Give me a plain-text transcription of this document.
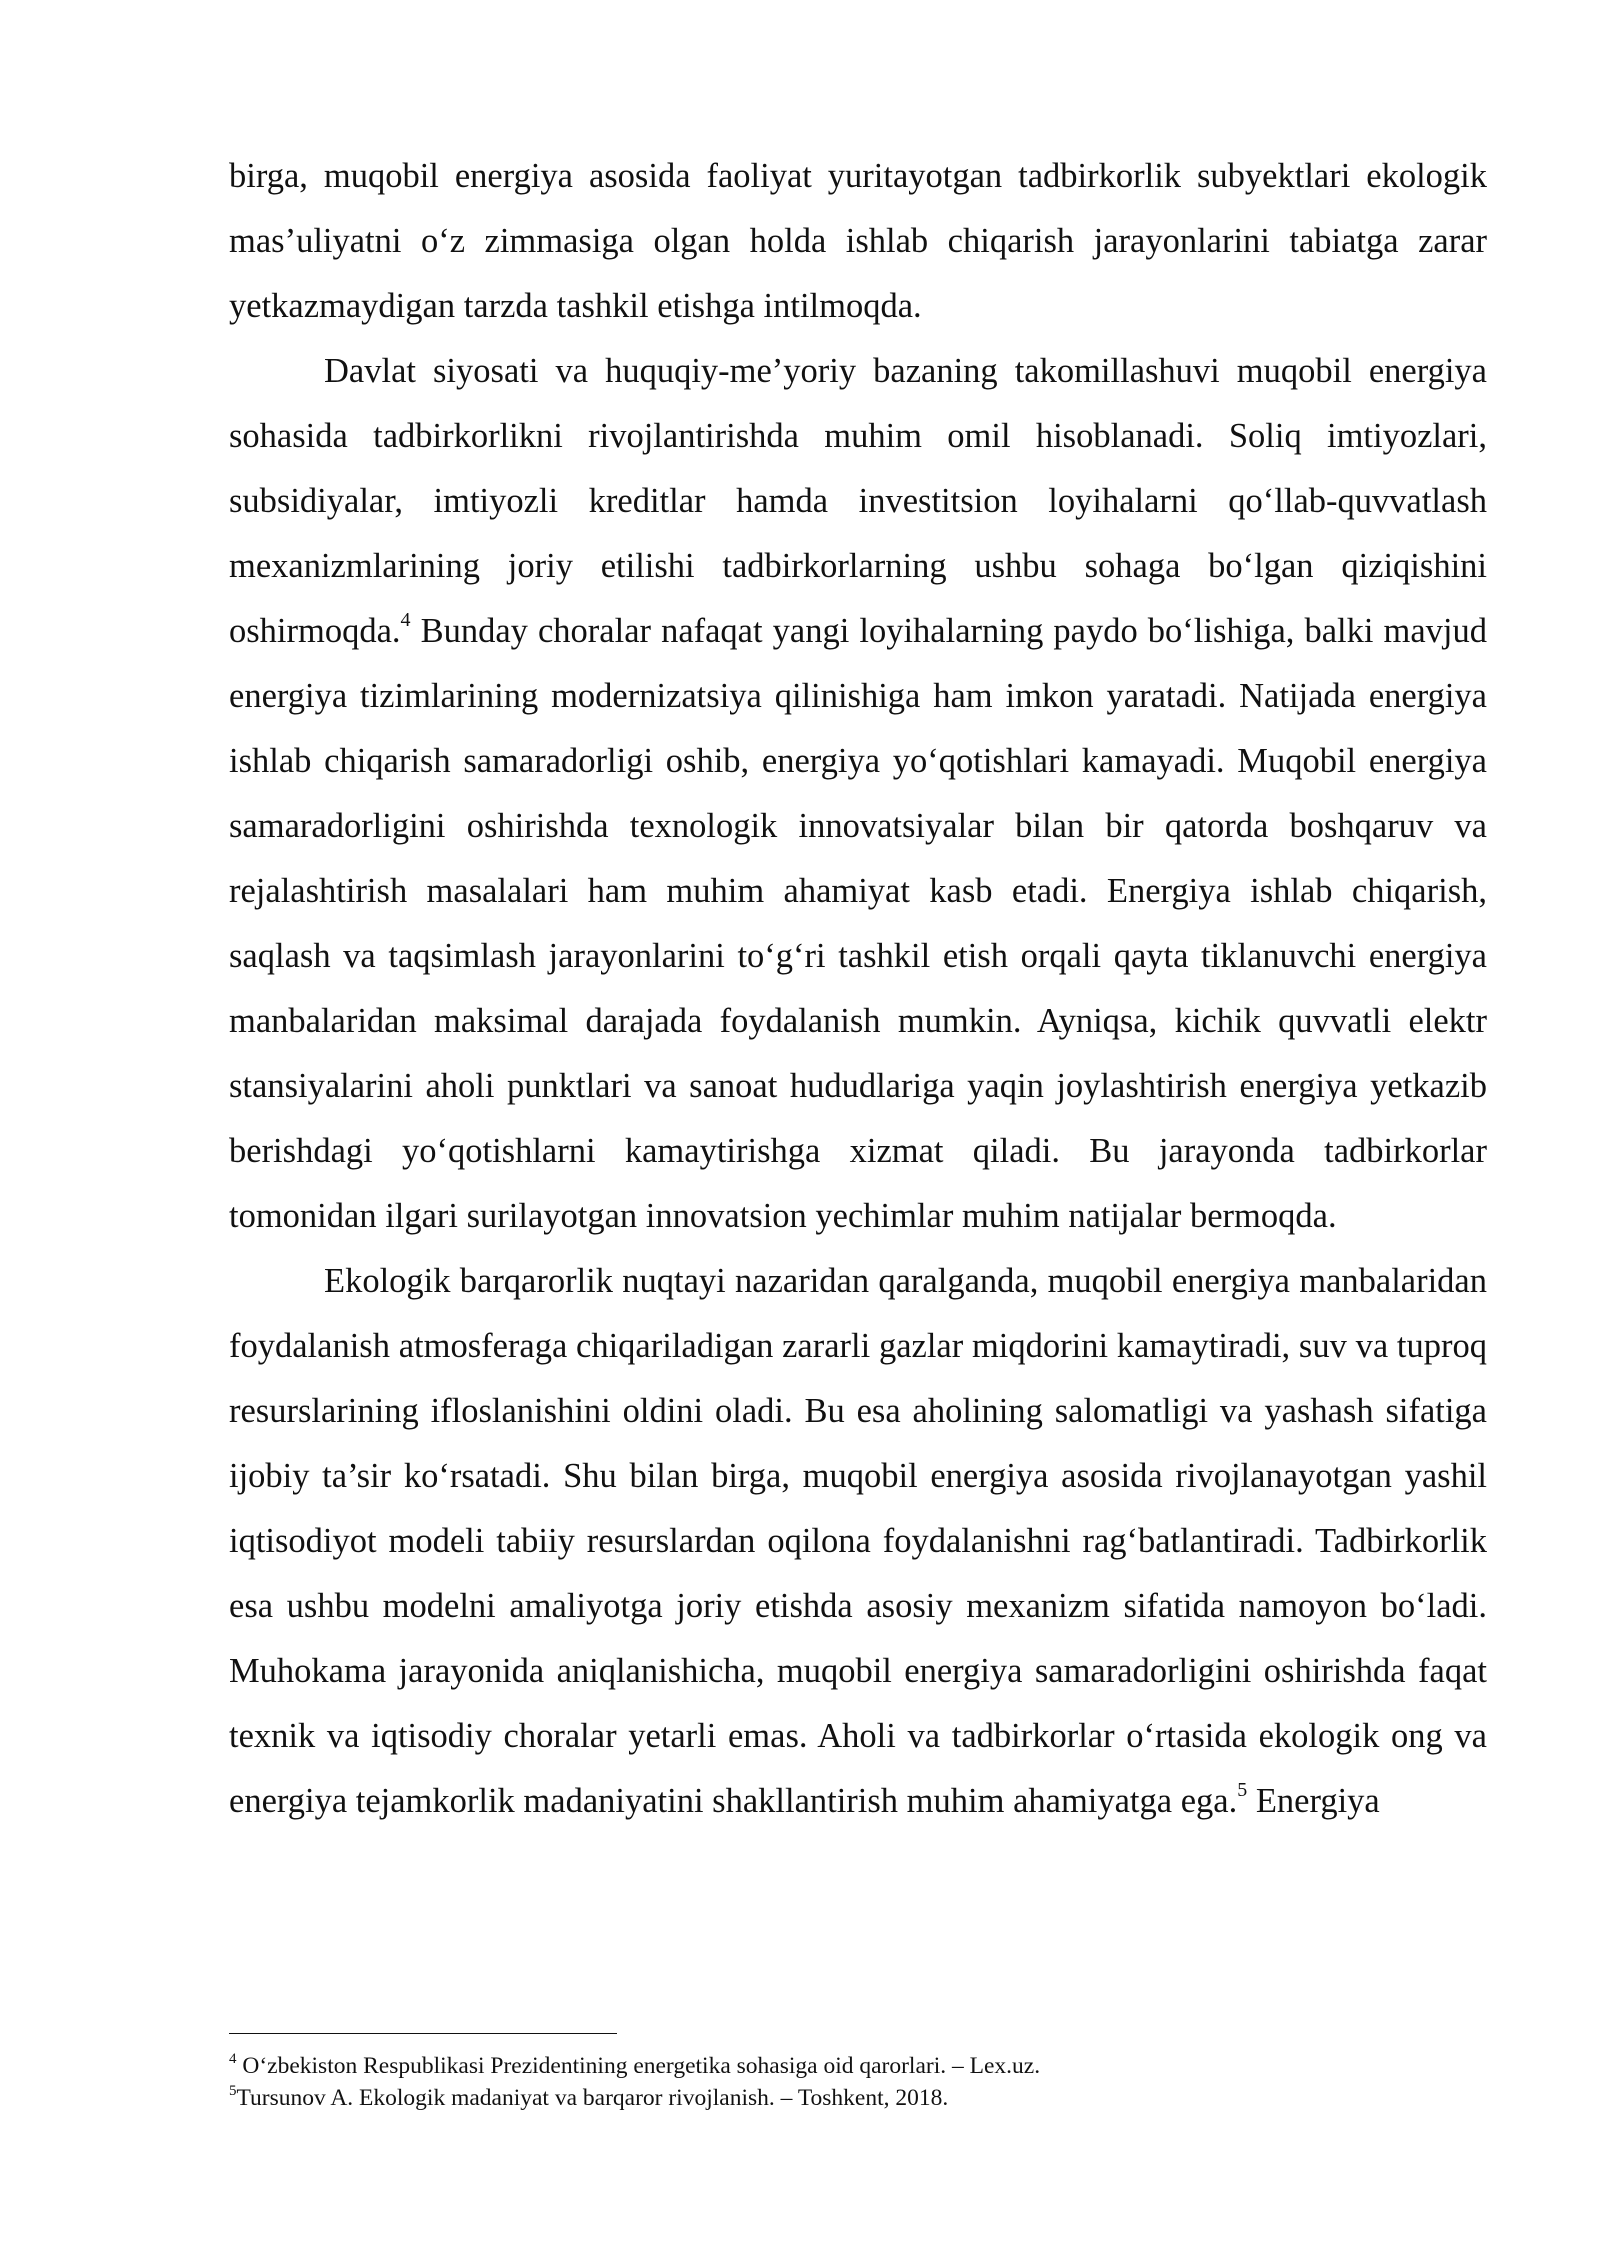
birga, muqobil energiya asosida faoliyat yuritayotgan tadbirkorlik subyektlari ekologik mas’uliyatni o‘z zimmasiga olgan holda ishlab chiqarish jarayonlarini tabiatga zarar yetkazmaydigan tarzda tashkil etishga intilmoqda.

Davlat siyosati va huquqiy-me’yoriy bazaning takomillashuvi muqobil energiya sohasida tadbirkorlikni rivojlantirishda muhim omil hisoblanadi. Soliq imtiyozlari, subsidiyalar, imtiyozli kreditlar hamda investitsion loyihalarni qo‘llab-quvvatlash mexanizmlarining joriy etilishi tadbirkorlarning ushbu sohaga bo‘lgan qiziqishini oshirmoqda.$^4$ Bunday choralar nafaqat yangi loyihalarning paydo bo‘lishiga, balki mavjud energiya tizimlarining modernizatsiya qilinishiga ham imkon yaratadi. Natijada energiya ishlab chiqarish samaradorligi oshib, energiya yo‘qotishlari kamayadi. Muqobil energiya samaradorligini oshirishda texnologik innovatsiyalar bilan bir qatorda boshqaruv va rejalashtirish masalalari ham muhim ahamiyat kasb etadi. Energiya ishlab chiqarish, saqlash va taqsimlash jarayonlarini to‘g‘ri tashkil etish orqali qayta tiklanuvchi energiya manbalaridan maksimal darajada foydalanish mumkin. Ayniqsa, kichik quvvatli elektr stansiyalarini aholi punktlari va sanoat hududlariga yaqin joylashtirish energiya yetkazib berishdagi yo‘qotishlarni kamaytirishga xizmat qiladi. Bu jarayonda tadbirkorlar tomonidan ilgari surilayotgan innovatsion yechimlar muhim natijalar bermoqda.

Ekologik barqarorlik nuqtayi nazaridan qaralganda, muqobil energiya manbalaridan foydalanish atmosferaga chiqariladigan zararli gazlar miqdorini kamaytiradi, suv va tuproq resurslarining ifloslanishini oldini oladi. Bu esa aholining salomatligi va yashash sifatiga ijobiy ta’sir ko‘rsatadi. Shu bilan birga, muqobil energiya asosida rivojlanayotgan yashil iqtisodiyot modeli tabiiy resurslardan oqilona foydalanishni rag‘batlantiradi. Tadbirkorlik esa ushbu modelni amaliyotga joriy etishda asosiy mexanizm sifatida namoyon bo‘ladi. Muhokama jarayonida aniqlanishicha, muqobil energiya samaradorligini oshirishda faqat texnik va iqtisodiy choralar yetarli emas. Aholi va tadbirkorlar o‘rtasida ekologik ong va energiya tejamkorlik madaniyatini shakllantirish muhim ahamiyatga ega.$^5$ Energiya

$^4$ O‘zbekiston Respublikasi Prezidentining energetika sohasiga oid qarorlari. – Lex.uz.

$^5$Tursunov A. Ekologik madaniyat va barqaror rivojlanish. – Toshkent, 2018.
